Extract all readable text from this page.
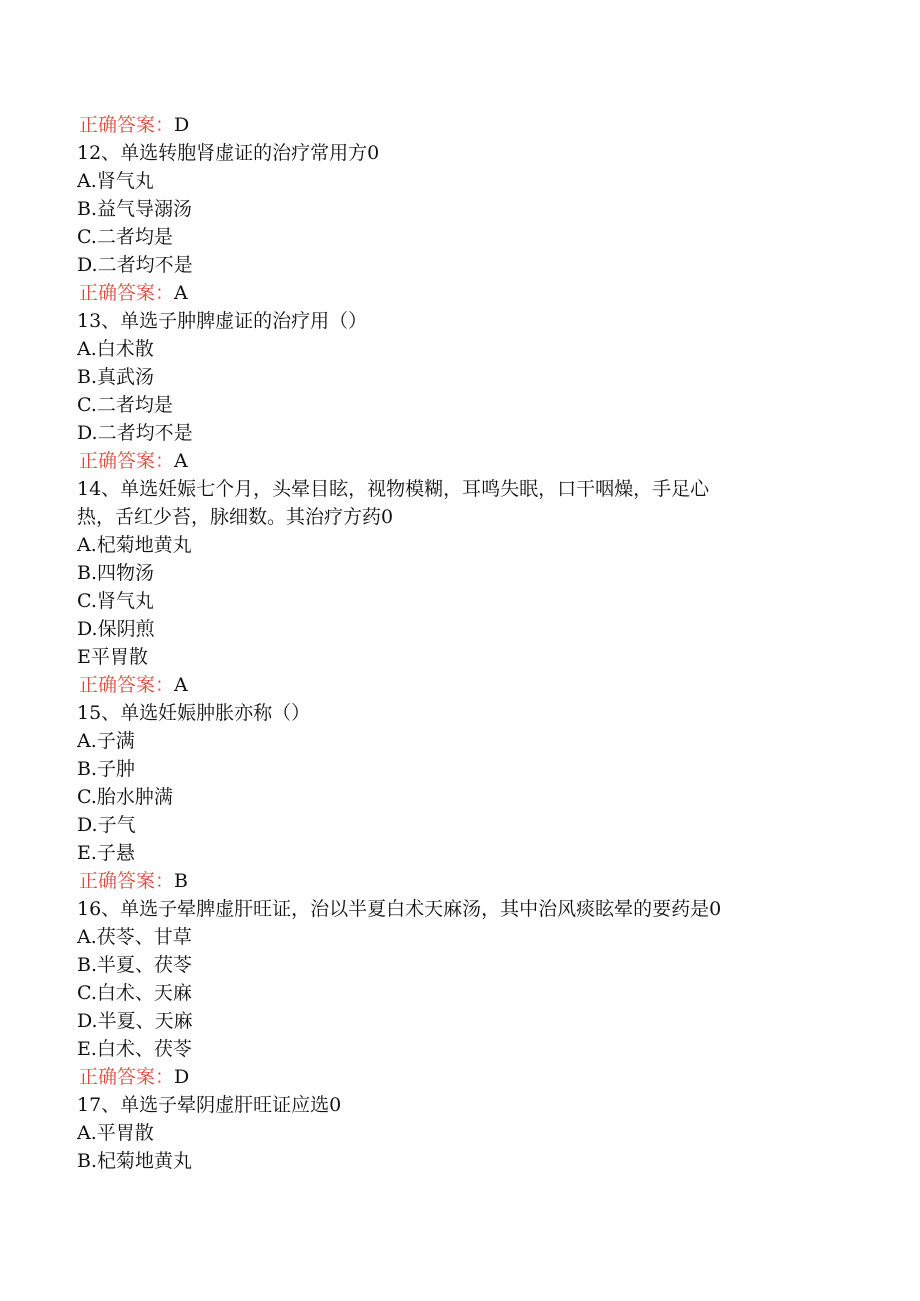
正确答案：D
12、单选转胞肾虚证的治疗常用方0
A.肾气丸
B.益气导溺汤
C.二者均是
D.二者均不是
正确答案：A
13、单选子肿脾虚证的治疗用（）
A.白术散
B.真武汤
C.二者均是
D.二者均不是
正确答案：A
14、单选妊娠七个月，头晕目眩，视物模糊，耳鸣失眠，口干咽燥，手足心
热，舌红少苔，脉细数。其治疗方药0
A.杞菊地黄丸
B.四物汤
C.肾气丸
D.保阴煎
E平胃散
正确答案：A
15、单选妊娠肿胀亦称（）
A.子满
B.子肿
C.胎水肿满
D.子气
E.子悬
正确答案：B
16、单选子晕脾虚肝旺证，治以半夏白术天麻汤，其中治风痰眩晕的要药是0
A.茯苓、甘草
B.半夏、茯苓
C.白术、天麻
D.半夏、天麻
E.白术、茯苓
正确答案：D
17、单选子晕阴虚肝旺证应选0
A.平胃散
B.杞菊地黄丸
